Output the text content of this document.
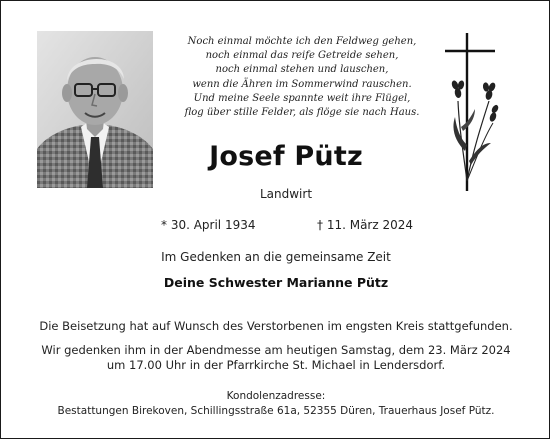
Noch einmal möchte ich den Feldweg gehen,
noch einmal das reife Getreide sehen,
noch einmal stehen und lauschen,
wenn die Ähren im Sommerwind rauschen.
Und meine Seele spannte weit ihre Flügel,
flog über stille Felder, als flöge sie nach Haus.
Josef Pütz
Landwirt
* 30. April 1934	† 11. März 2024
Im Gedenken an die gemeinsame Zeit
Deine Schwester Marianne Pütz
Die Beisetzung hat auf Wunsch des Verstorbenen im engsten Kreis stattgefunden.
Wir gedenken ihm in der Abendmesse am heutigen Samstag, dem 23. März 2024
um 17.00 Uhr in der Pfarrkirche St. Michael in Lendersdorf.
Kondolenzadresse:
Bestattungen Birekoven, Schillingsstraße 61a, 52355 Düren, Trauerhaus Josef Pütz.
